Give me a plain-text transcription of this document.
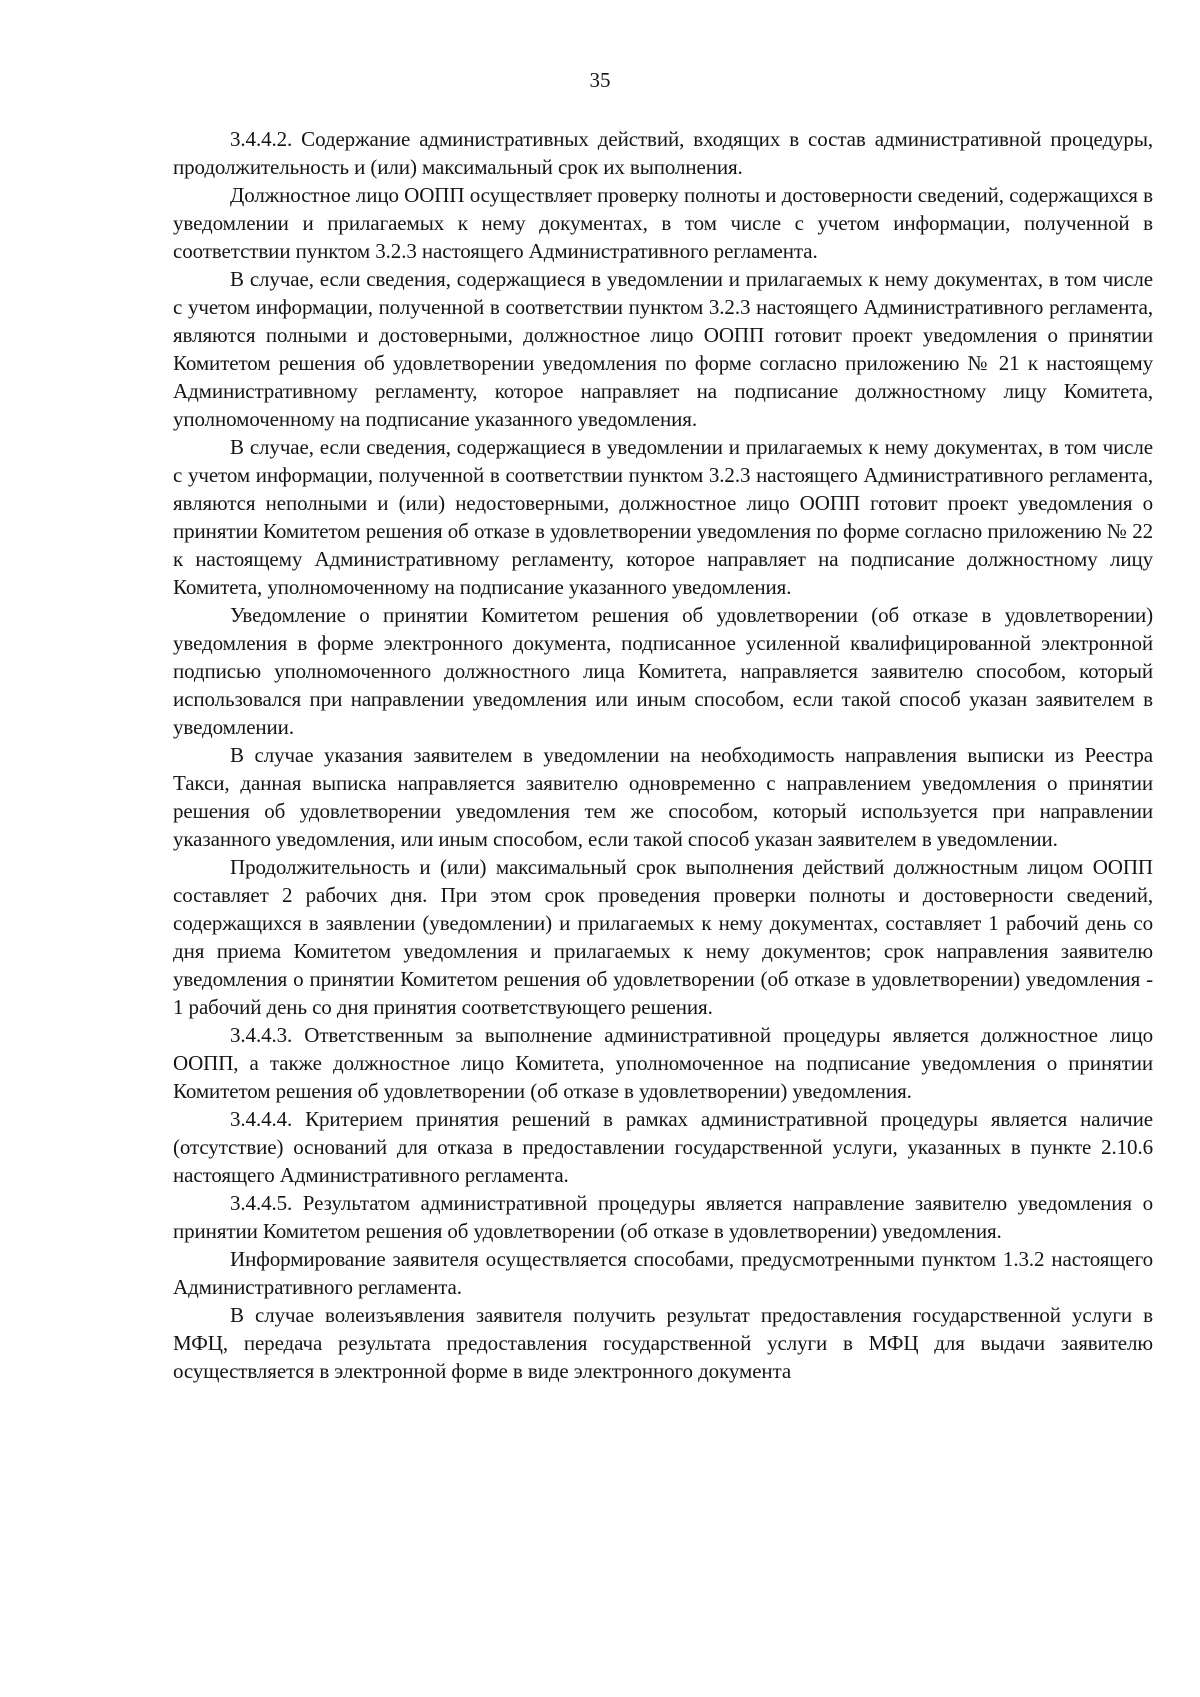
35

3.4.4.2. Содержание административных действий, входящих в состав административной процедуры, продолжительность и (или) максимальный срок их выполнения.

Должностное лицо ООПП осуществляет проверку полноты и достоверности сведений, содержащихся в уведомлении и прилагаемых к нему документах, в том числе с учетом информации, полученной в соответствии пунктом 3.2.3 настоящего Административного регламента.

В случае, если сведения, содержащиеся в уведомлении и прилагаемых к нему документах, в том числе с учетом информации, полученной в соответствии пунктом 3.2.3 настоящего Административного регламента, являются полными и достоверными, должностное лицо ООПП готовит проект уведомления о принятии Комитетом решения об удовлетворении уведомления по форме согласно приложению № 21 к настоящему Административному регламенту, которое направляет на подписание должностному лицу Комитета, уполномоченному на подписание указанного уведомления.

В случае, если сведения, содержащиеся в уведомлении и прилагаемых к нему документах, в том числе с учетом информации, полученной в соответствии пунктом 3.2.3 настоящего Административного регламента, являются неполными и (или) недостоверными, должностное лицо ООПП готовит проект уведомления о принятии Комитетом решения об отказе в удовлетворении уведомления по форме согласно приложению № 22 к настоящему Административному регламенту, которое направляет на подписание должностному лицу Комитета, уполномоченному на подписание указанного уведомления.

Уведомление о принятии Комитетом решения об удовлетворении (об отказе в удовлетворении) уведомления в форме электронного документа, подписанное усиленной квалифицированной электронной подписью уполномоченного должностного лица Комитета, направляется заявителю способом, который использовался при направлении уведомления или иным способом, если такой способ указан заявителем в уведомлении.

В случае указания заявителем в уведомлении на необходимость направления выписки из Реестра Такси, данная выписка направляется заявителю одновременно с направлением уведомления о принятии решения об удовлетворении уведомления тем же способом, который используется при направлении указанного уведомления, или иным способом, если такой способ указан заявителем в уведомлении.

Продолжительность и (или) максимальный срок выполнения действий должностным лицом ООПП составляет 2 рабочих дня. При этом срок проведения проверки полноты и достоверности сведений, содержащихся в заявлении (уведомлении) и прилагаемых к нему документах, составляет 1 рабочий день со дня приема Комитетом уведомления и прилагаемых к нему документов; срок направления заявителю уведомления о принятии Комитетом решения об удовлетворении (об отказе в удовлетворении) уведомления - 1 рабочий день со дня принятия соответствующего решения.

3.4.4.3. Ответственным за выполнение административной процедуры является должностное лицо ООПП, а также должностное лицо Комитета, уполномоченное на подписание уведомления о принятии Комитетом решения об удовлетворении (об отказе в удовлетворении) уведомления.

3.4.4.4. Критерием принятия решений в рамках административной процедуры является наличие (отсутствие) оснований для отказа в предоставлении государственной услуги, указанных в пункте 2.10.6 настоящего Административного регламента.

3.4.4.5. Результатом административной процедуры является направление заявителю уведомления о принятии Комитетом решения об удовлетворении (об отказе в удовлетворении) уведомления.

Информирование заявителя осуществляется способами, предусмотренными пунктом 1.3.2 настоящего Административного регламента.

В случае волеизъявления заявителя получить результат предоставления государственной услуги в МФЦ, передача результата предоставления государственной услуги в МФЦ для выдачи заявителю осуществляется в электронной форме в виде электронного документа
